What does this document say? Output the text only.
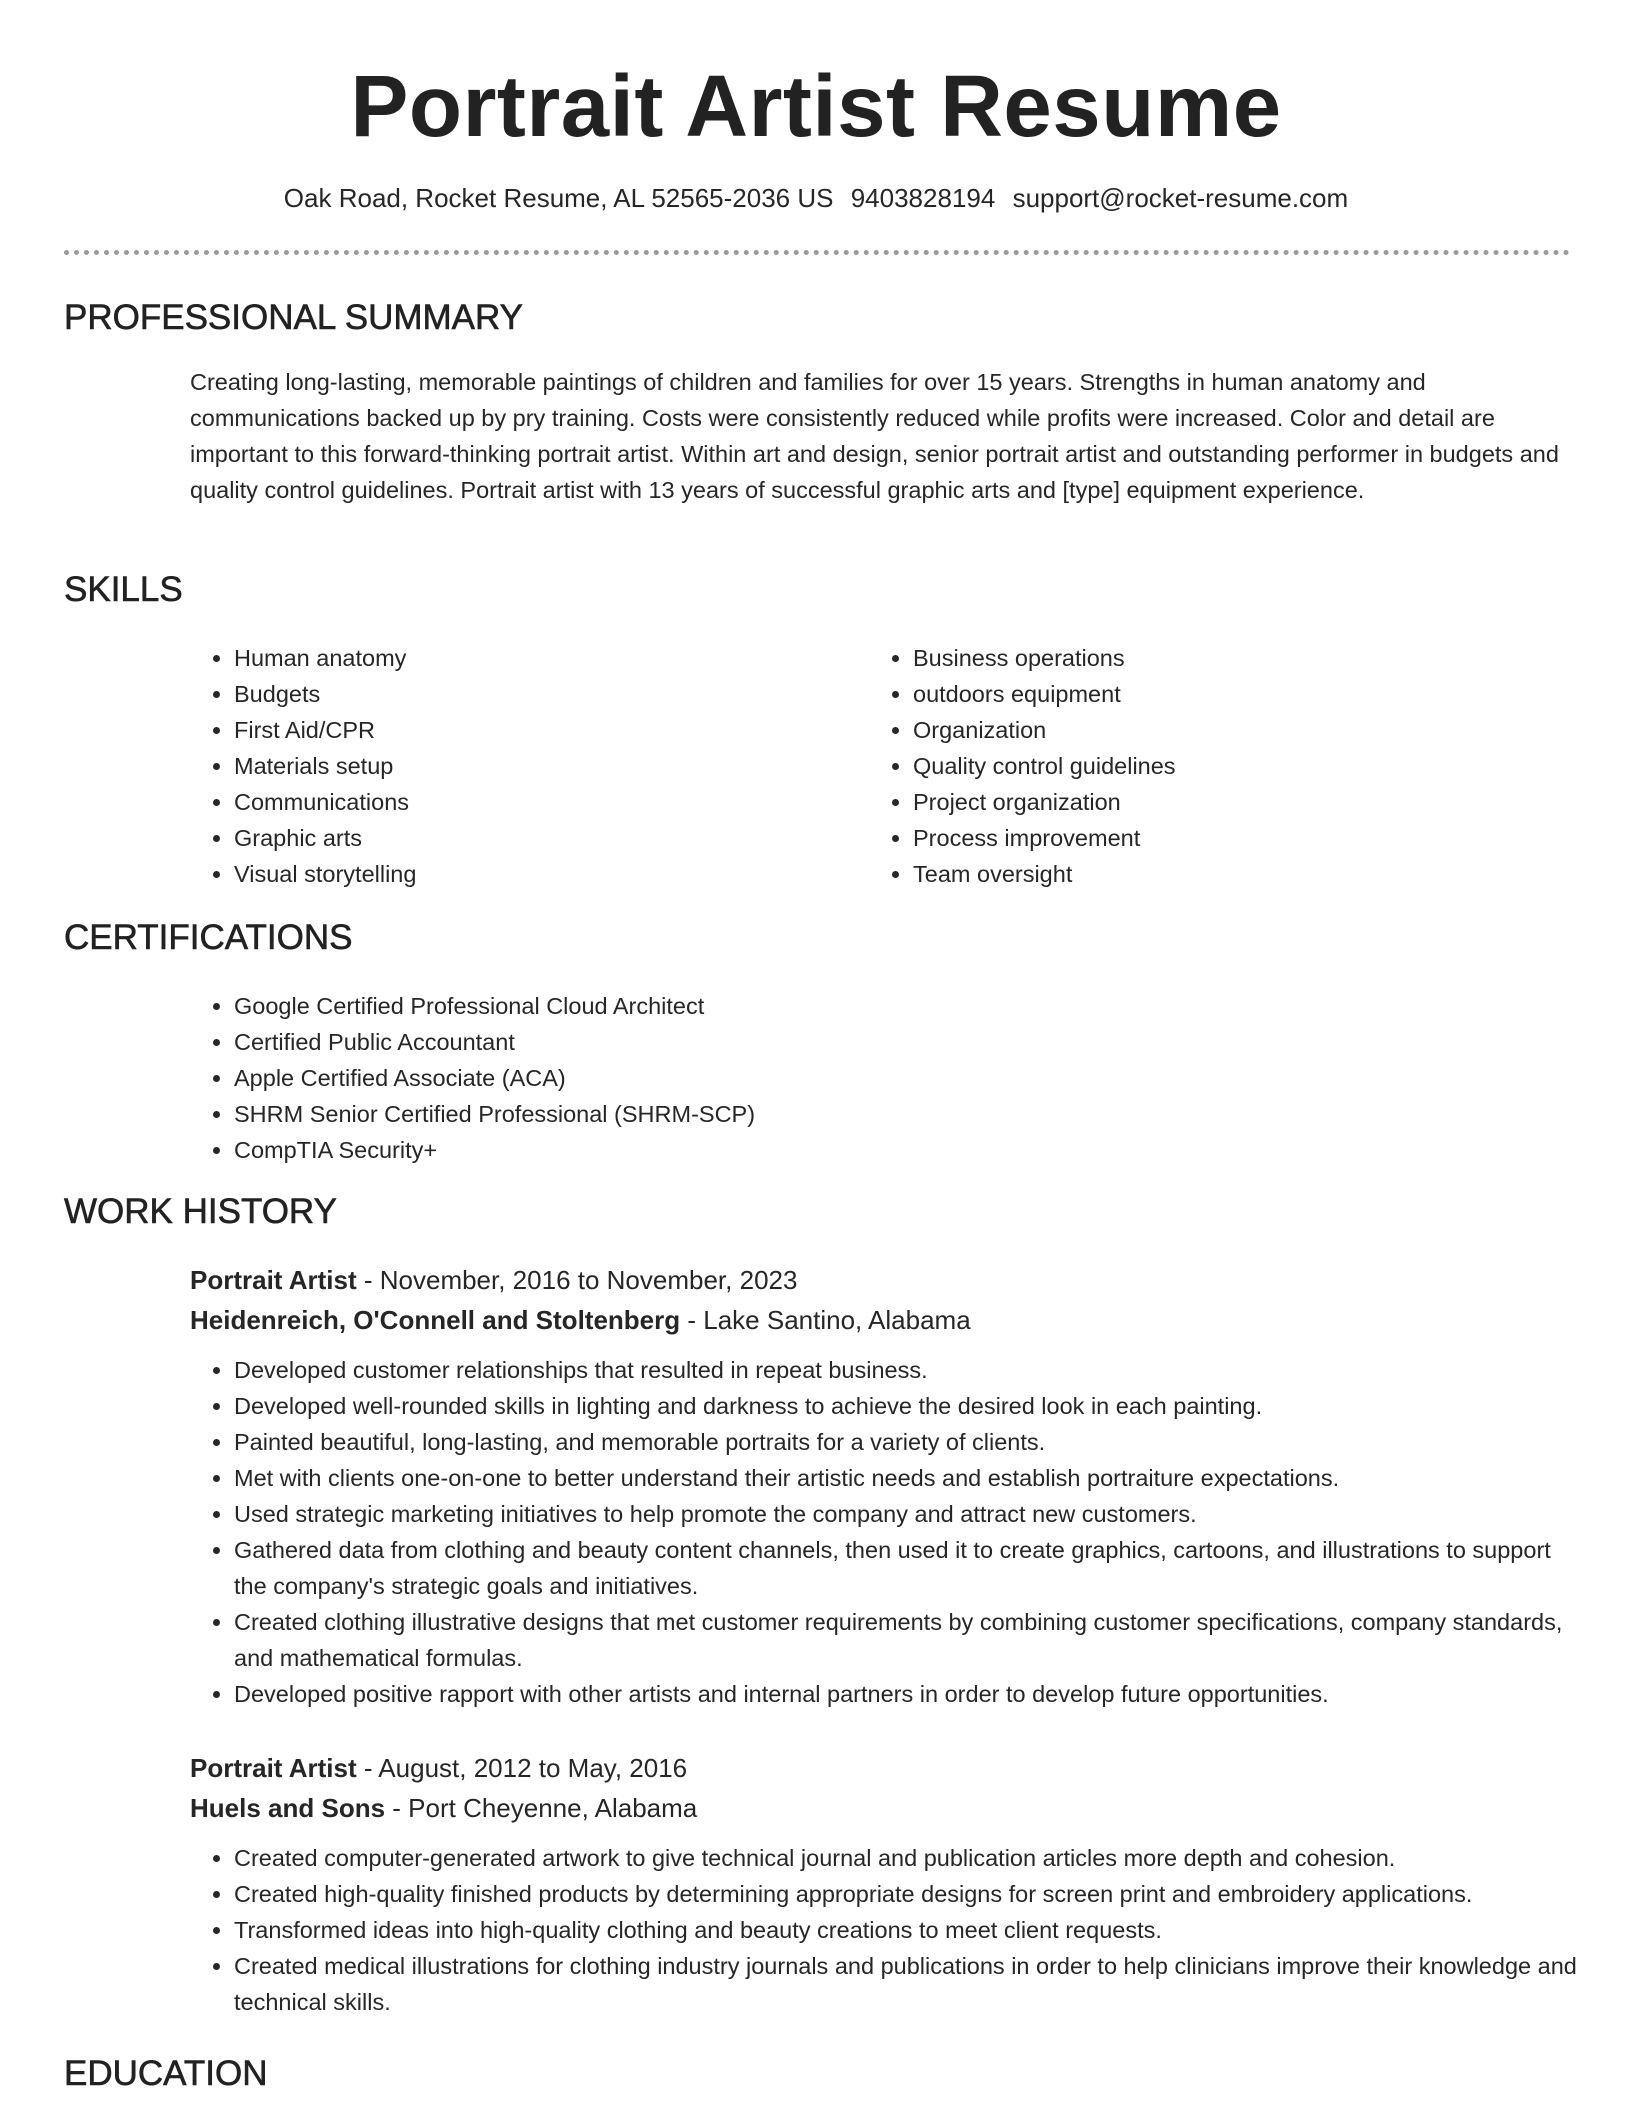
Portrait Artist Resume
Oak Road, Rocket Resume, AL 52565-2036 US 9403828194 support@rocket-resume.com
PROFESSIONAL SUMMARY

Creating long-lasting, memorable paintings of children and families for over 15 years. Strengths in human anatomy and communications backed up by pry training. Costs were consistently reduced while profits were increased. Color and detail are important to this forward-thinking portrait artist. Within art and design, senior portrait artist and outstanding performer in budgets and quality control guidelines. Portrait artist with 13 years of successful graphic arts and [type] equipment experience.

SKILLS
• Human anatomy
• Budgets
• First Aid/CPR
• Materials setup
• Communications
• Graphic arts
• Visual storytelling
• Business operations
• outdoors equipment
• Organization
• Quality control guidelines
• Project organization
• Process improvement
• Team oversight
CERTIFICATIONS
• Google Certified Professional Cloud Architect
• Certified Public Accountant
• Apple Certified Associate (ACA)
• SHRM Senior Certified Professional (SHRM-SCP)
• CompTIA Security+
WORK HISTORY

Portrait Artist - November, 2016 to November, 2023

Heidenreich, O'Connell and Stoltenberg - Lake Santino, Alabama

• Developed customer relationships that resulted in repeat business.
• Developed well-rounded skills in lighting and darkness to achieve the desired look in each painting.
• Painted beautiful, long-lasting, and memorable portraits for a variety of clients.
• Met with clients one-on-one to better understand their artistic needs and establish portraiture expectations.
• Used strategic marketing initiatives to help promote the company and attract new customers.
• Gathered data from clothing and beauty content channels, then used it to create graphics, cartoons, and illustrations to support the company's strategic goals and initiatives.
• Created clothing illustrative designs that met customer requirements by combining customer specifications, company standards, and mathematical formulas.
• Developed positive rapport with other artists and internal partners in order to develop future opportunities.

Portrait Artist - August, 2012 to May, 2016

Huels and Sons - Port Cheyenne, Alabama

• Created computer-generated artwork to give technical journal and publication articles more depth and cohesion.
• Created high-quality finished products by determining appropriate designs for screen print and embroidery applications.
• Transformed ideas into high-quality clothing and beauty creations to meet client requests.
• Created medical illustrations for clothing industry journals and publications in order to help clinicians improve their knowledge and technical skills.
EDUCATION
